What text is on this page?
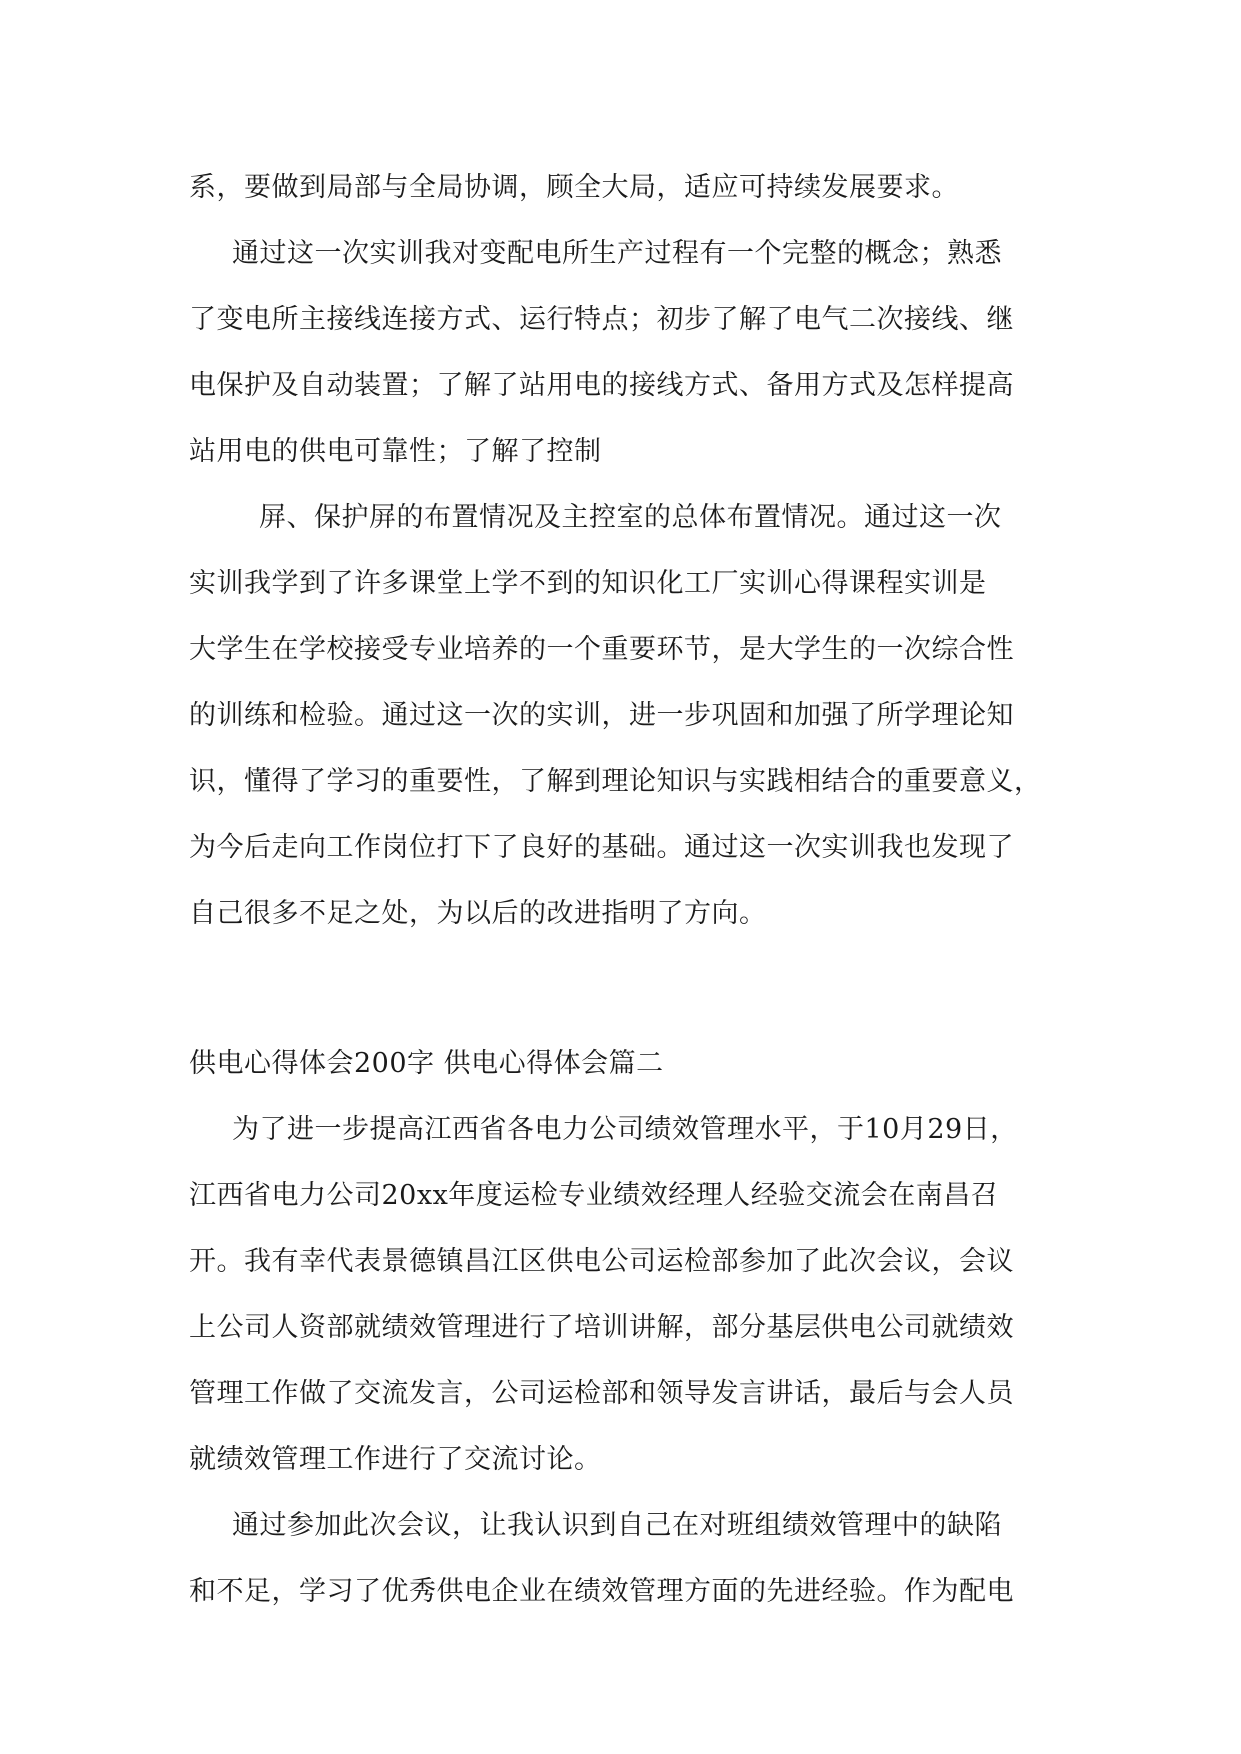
系，要做到局部与全局协调，顾全大局，适应可持续发展要求。
通过这一次实训我对变配电所生产过程有一个完整的概念；熟悉
了变电所主接线连接方式、运行特点；初步了解了电气二次接线、继
电保护及自动装置；了解了站用电的接线方式、备用方式及怎样提高
站用电的供电可靠性；了解了控制
屏、保护屏的布置情况及主控室的总体布置情况。通过这一次
实训我学到了许多课堂上学不到的知识化工厂实训心得课程实训是
大学生在学校接受专业培养的一个重要环节，是大学生的一次综合性
的训练和检验。通过这一次的实训，进一步巩固和加强了所学理论知
识，懂得了学习的重要性，了解到理论知识与实践相结合的重要意义，
为今后走向工作岗位打下了良好的基础。通过这一次实训我也发现了
自己很多不足之处，为以后的改进指明了方向。
供电心得体会200字 供电心得体会篇二
为了进一步提高江西省各电力公司绩效管理水平，于10月29日，
江西省电力公司20xx年度运检专业绩效经理人经验交流会在南昌召
开。我有幸代表景德镇昌江区供电公司运检部参加了此次会议，会议
上公司人资部就绩效管理进行了培训讲解，部分基层供电公司就绩效
管理工作做了交流发言，公司运检部和领导发言讲话，最后与会人员
就绩效管理工作进行了交流讨论。
通过参加此次会议，让我认识到自己在对班组绩效管理中的缺陷
和不足，学习了优秀供电企业在绩效管理方面的先进经验。作为配电
